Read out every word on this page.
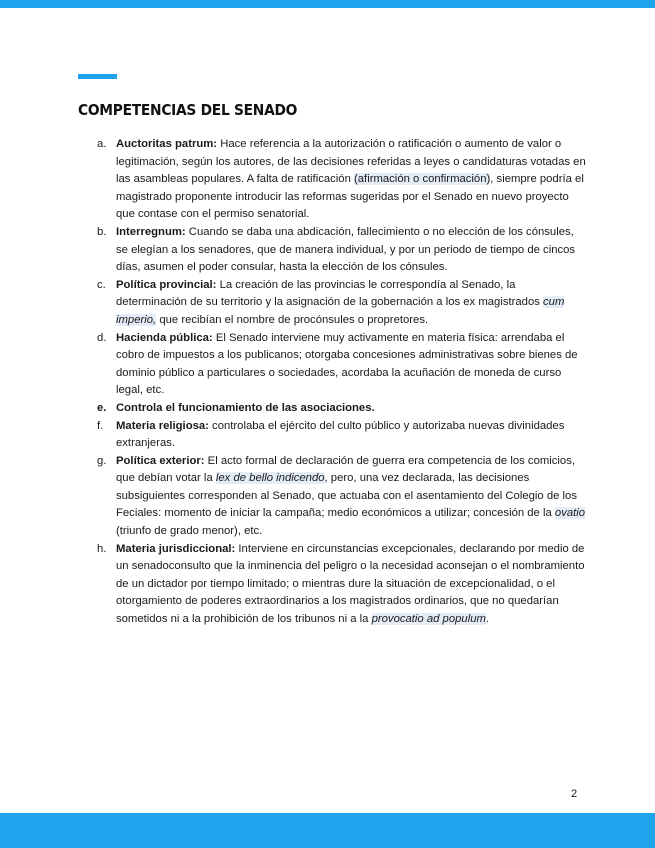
COMPETENCIAS DEL SENADO
a. Auctoritas patrum: Hace referencia a la autorización o ratificación o aumento de valor o legitimación, según los autores, de las decisiones referidas a leyes o candidaturas votadas en las asambleas populares. A falta de ratificación (afirmación o confirmación), siempre podría el magistrado proponente introducir las reformas sugeridas por el Senado en nuevo proyecto que contase con el permiso senatorial.
b. Interregnum: Cuando se daba una abdicación, fallecimiento o no elección de los cónsules, se elegían a los senadores, que de manera individual, y por un periodo de tiempo de cincos días, asumen el poder consular, hasta la elección de los cónsules.
c. Política provincial: La creación de las provincias le correspondía al Senado, la determinación de su territorio y la asignación de la gobernación a los ex magistrados cum imperio, que recibían el nombre de procónsules o propretores.
d. Hacienda pública: El Senado interviene muy activamente en materia física: arrendaba el cobro de impuestos a los publicanos; otorgaba concesiones administrativas sobre bienes de dominio público a particulares o sociedades, acordaba la acuñación de moneda de curso legal, etc.
e. Controla el funcionamiento de las asociaciones.
f. Materia religiosa: controlaba el ejército del culto público y autorizaba nuevas divinidades extranjeras.
g. Política exterior: El acto formal de declaración de guerra era competencia de los comicios, que debían votar la lex de bello indicendo, pero, una vez declarada, las decisiones subsiguientes corresponden al Senado, que actuaba con el asentamiento del Colegio de los Feciales: momento de iniciar la campaña; medio económicos a utilizar; concesión de la ovatio (triunfo de grado menor), etc.
h. Materia jurisdiccional: Interviene en circunstancias excepcionales, declarando por medio de un senadoconsulto que la inminencia del peligro o la necesidad aconsejan o el nombramiento de un dictador por tiempo limitado; o mientras dure la situación de excepcionalidad, o el otorgamiento de poderes extraordinarios a los magistrados ordinarios, que no quedarían sometidos ni a la prohibición de los tribunos ni a la provocatio ad populum.
2
